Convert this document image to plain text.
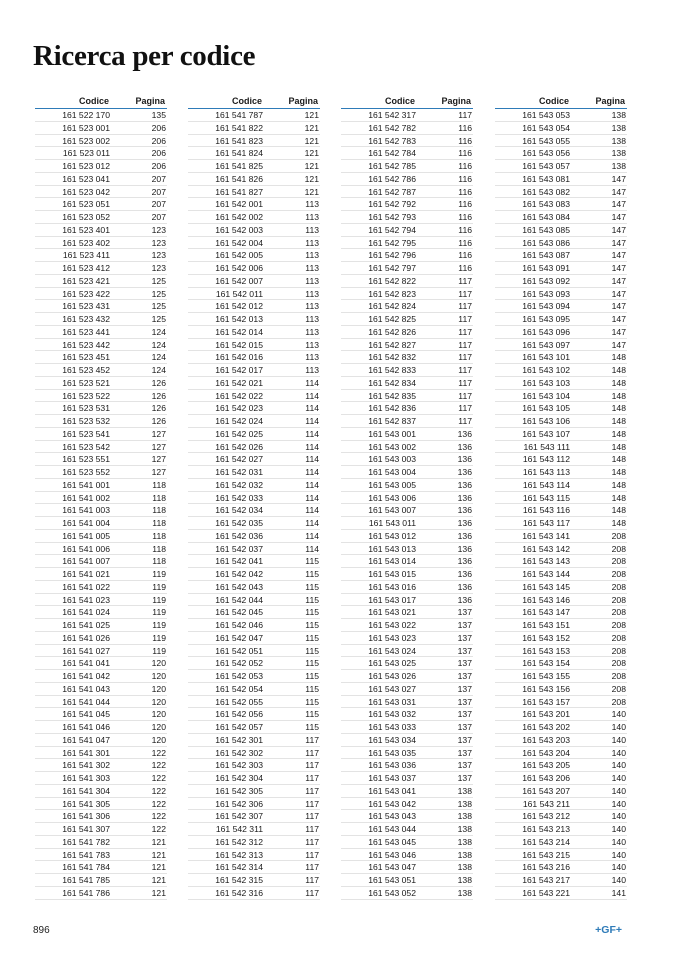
Ricerca per codice
Codice	Pagina
161 522 170	135
161 523 001	206
161 523 002	206
161 523 011	206
161 523 012	206
161 523 041	207
161 523 042	207
161 523 051	207
161 523 052	207
161 523 401	123
161 523 402	123
161 523 411	123
161 523 412	123
161 523 421	125
161 523 422	125
161 523 431	125
161 523 432	125
161 523 441	124
161 523 442	124
161 523 451	124
161 523 452	124
161 523 521	126
161 523 522	126
161 523 531	126
161 523 532	126
161 523 541	127
161 523 542	127
161 523 551	127
161 523 552	127
161 541 001	118
161 541 002	118
161 541 003	118
161 541 004	118
161 541 005	118
161 541 006	118
161 541 007	118
161 541 021	119
161 541 022	119
161 541 023	119
161 541 024	119
161 541 025	119
161 541 026	119
161 541 027	119
161 541 041	120
161 541 042	120
161 541 043	120
161 541 044	120
161 541 045	120
161 541 046	120
161 541 047	120
161 541 301	122
161 541 302	122
161 541 303	122
161 541 304	122
161 541 305	122
161 541 306	122
161 541 307	122
161 541 782	121
161 541 783	121
161 541 784	121
161 541 785	121
161 541 786	121
Codice	Pagina
161 541 787	121
161 541 822	121
161 541 823	121
161 541 824	121
161 541 825	121
161 541 826	121
161 541 827	121
161 542 001	113
161 542 002	113
161 542 003	113
161 542 004	113
161 542 005	113
161 542 006	113
161 542 007	113
161 542 011	113
161 542 012	113
161 542 013	113
161 542 014	113
161 542 015	113
161 542 016	113
161 542 017	113
161 542 021	114
161 542 022	114
161 542 023	114
161 542 024	114
161 542 025	114
161 542 026	114
161 542 027	114
161 542 031	114
161 542 032	114
161 542 033	114
161 542 034	114
161 542 035	114
161 542 036	114
161 542 037	114
161 542 041	115
161 542 042	115
161 542 043	115
161 542 044	115
161 542 045	115
161 542 046	115
161 542 047	115
161 542 051	115
161 542 052	115
161 542 053	115
161 542 054	115
161 542 055	115
161 542 056	115
161 542 057	115
161 542 301	117
161 542 302	117
161 542 303	117
161 542 304	117
161 542 305	117
161 542 306	117
161 542 307	117
161 542 311	117
161 542 312	117
161 542 313	117
161 542 314	117
161 542 315	117
161 542 316	117
Codice	Pagina
161 542 317	117
161 542 782	116
161 542 783	116
161 542 784	116
161 542 785	116
161 542 786	116
161 542 787	116
161 542 792	116
161 542 793	116
161 542 794	116
161 542 795	116
161 542 796	116
161 542 797	116
161 542 822	117
161 542 823	117
161 542 824	117
161 542 825	117
161 542 826	117
161 542 827	117
161 542 832	117
161 542 833	117
161 542 834	117
161 542 835	117
161 542 836	117
161 542 837	117
161 543 001	136
161 543 002	136
161 543 003	136
161 543 004	136
161 543 005	136
161 543 006	136
161 543 007	136
161 543 011	136
161 543 012	136
161 543 013	136
161 543 014	136
161 543 015	136
161 543 016	136
161 543 017	136
161 543 021	137
161 543 022	137
161 543 023	137
161 543 024	137
161 543 025	137
161 543 026	137
161 543 027	137
161 543 031	137
161 543 032	137
161 543 033	137
161 543 034	137
161 543 035	137
161 543 036	137
161 543 037	137
161 543 041	138
161 543 042	138
161 543 043	138
161 543 044	138
161 543 045	138
161 543 046	138
161 543 047	138
161 543 051	138
161 543 052	138
Codice	Pagina
161 543 053	138
161 543 054	138
161 543 055	138
161 543 056	138
161 543 057	138
161 543 081	147
161 543 082	147
161 543 083	147
161 543 084	147
161 543 085	147
161 543 086	147
161 543 087	147
161 543 091	147
161 543 092	147
161 543 093	147
161 543 094	147
161 543 095	147
161 543 096	147
161 543 097	147
161 543 101	148
161 543 102	148
161 543 103	148
161 543 104	148
161 543 105	148
161 543 106	148
161 543 107	148
161 543 111	148
161 543 112	148
161 543 113	148
161 543 114	148
161 543 115	148
161 543 116	148
161 543 117	148
161 543 141	208
161 543 142	208
161 543 143	208
161 543 144	208
161 543 145	208
161 543 146	208
161 543 147	208
161 543 151	208
161 543 152	208
161 543 153	208
161 543 154	208
161 543 155	208
161 543 156	208
161 543 157	208
161 543 201	140
161 543 202	140
161 543 203	140
161 543 204	140
161 543 205	140
161 543 206	140
161 543 207	140
161 543 211	140
161 543 212	140
161 543 213	140
161 543 214	140
161 543 215	140
161 543 216	140
161 543 217	140
161 543 221	141
896	+GF+
